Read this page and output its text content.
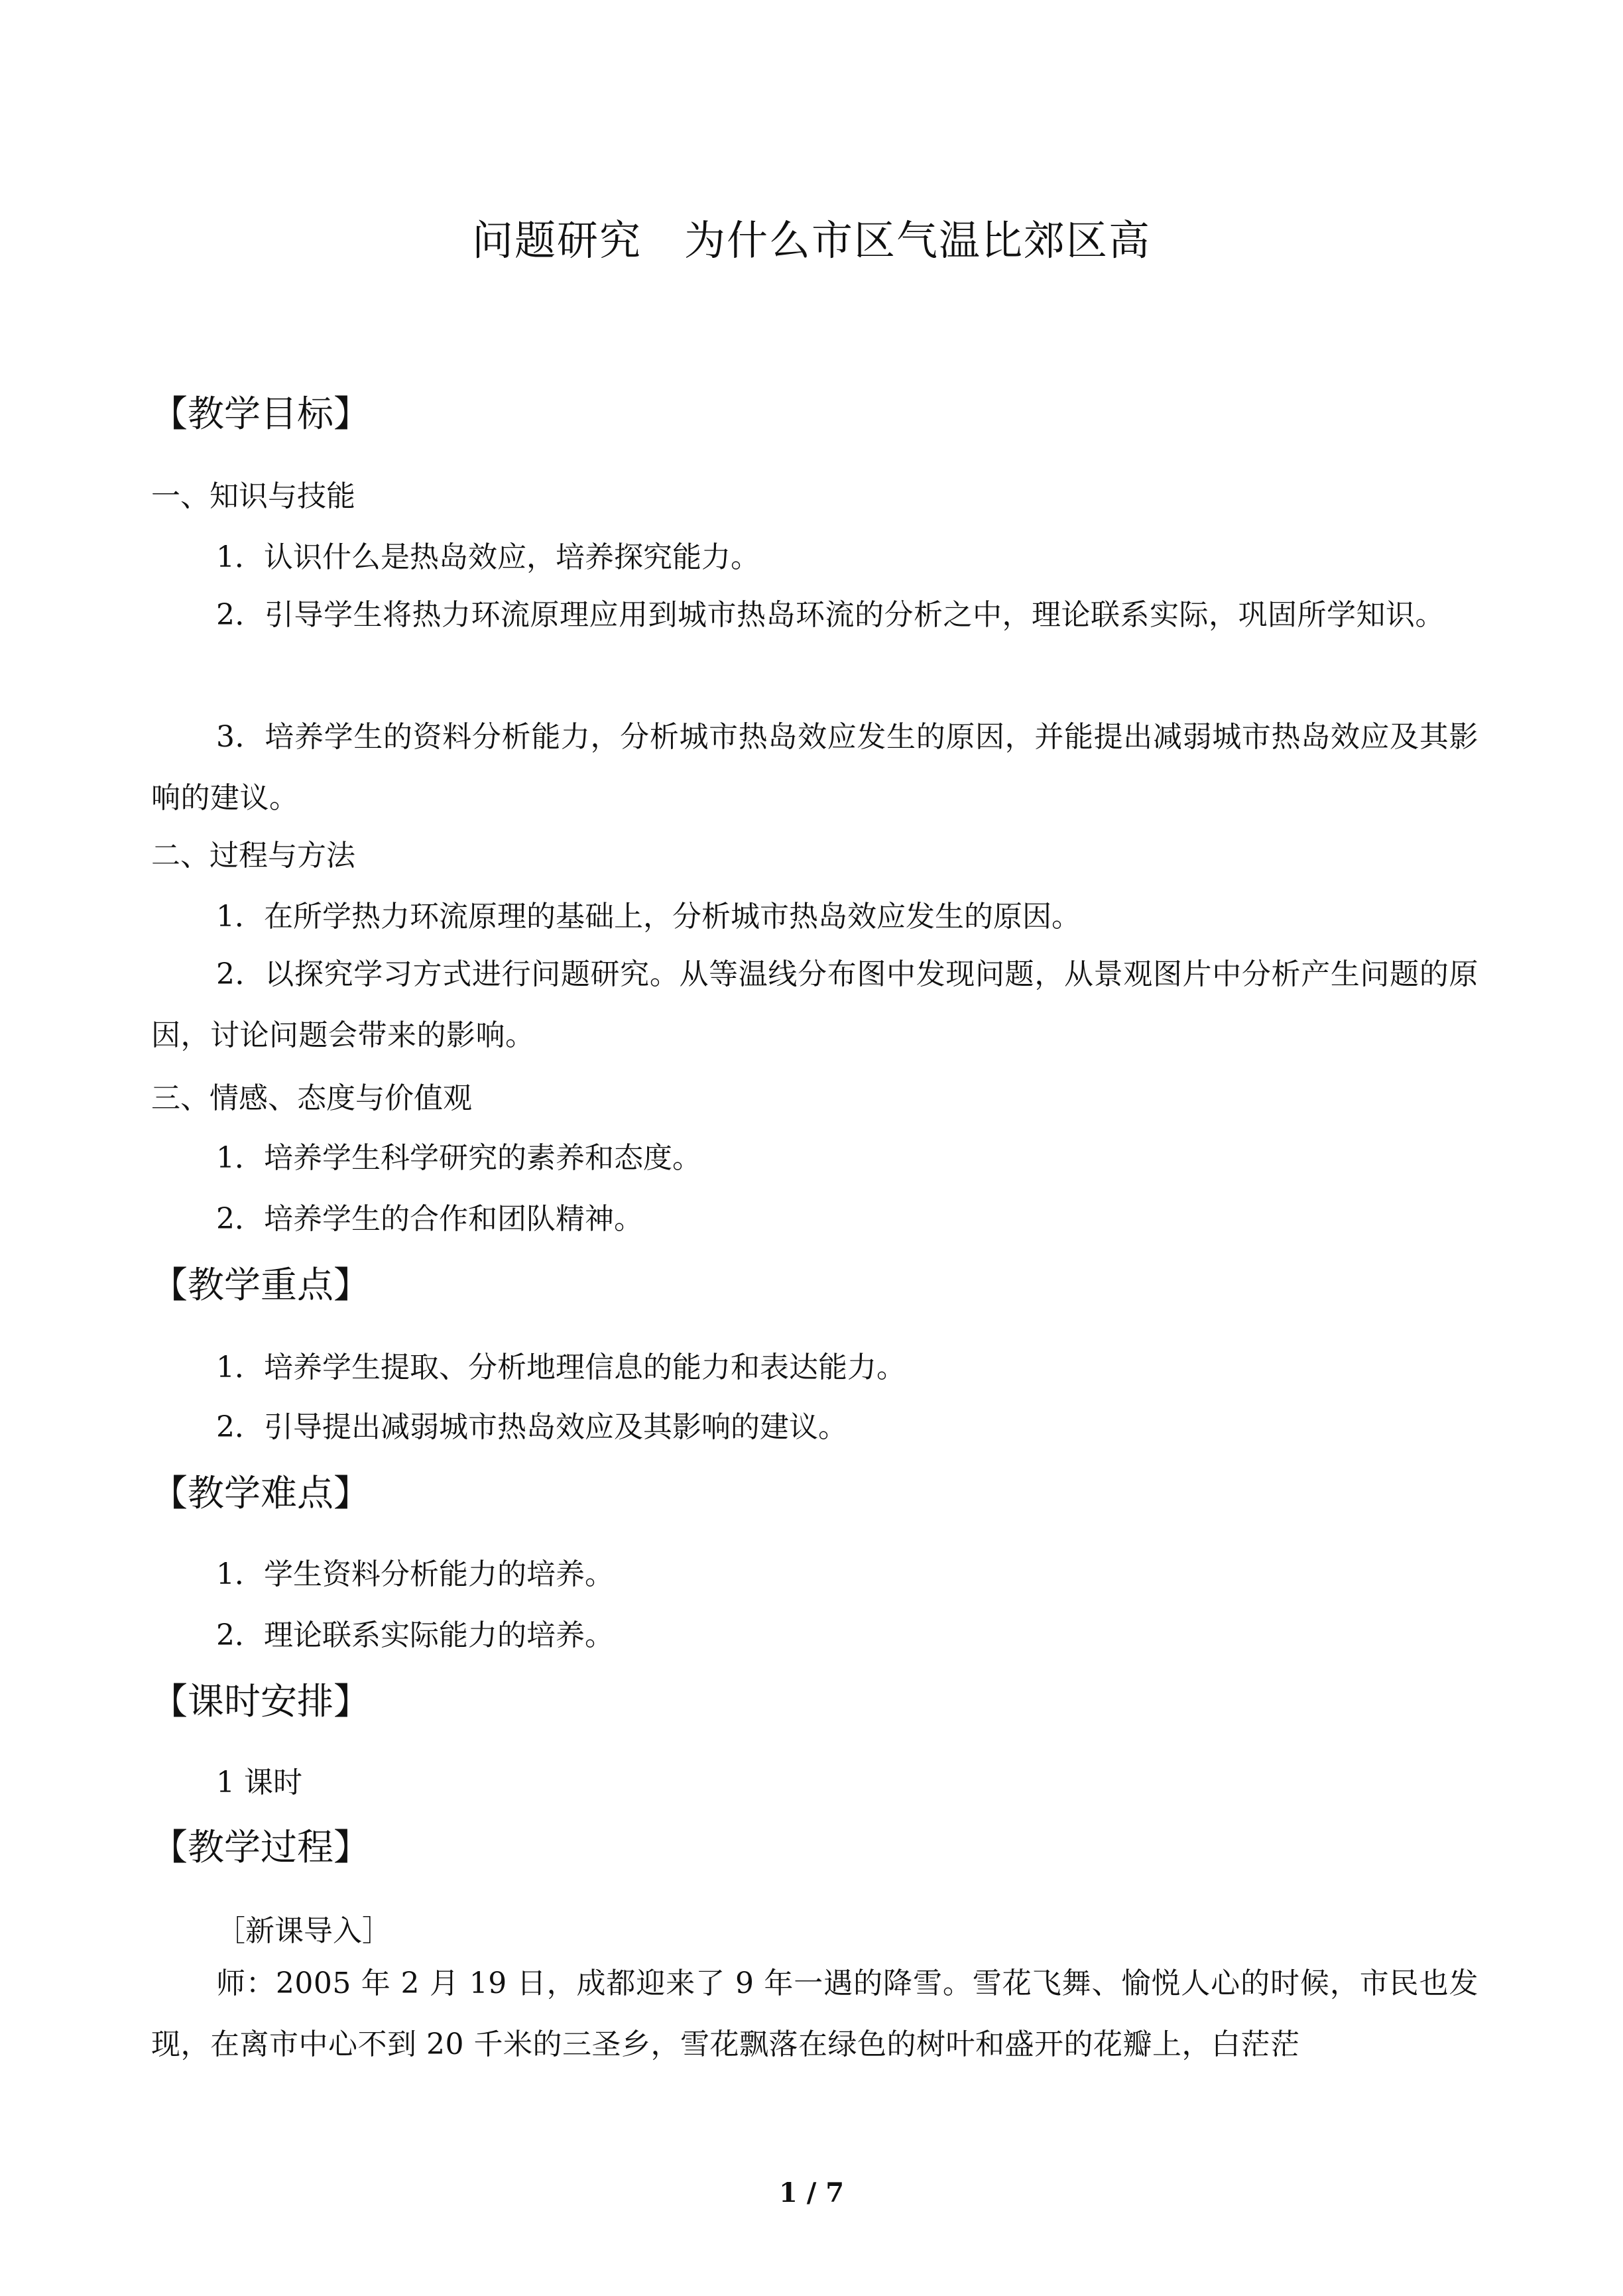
问题研究　为什么市区气温比郊区高
【教学目标】
一、知识与技能
1．认识什么是热岛效应，培养探究能力。
2．引导学生将热力环流原理应用到城市热岛环流的分析之中，理论联系实际，巩固所学知识。
3．培养学生的资料分析能力，分析城市热岛效应发生的原因，并能提出减弱城市热岛效应及其影响的建议。
二、过程与方法
1．在所学热力环流原理的基础上，分析城市热岛效应发生的原因。
2．以探究学习方式进行问题研究。从等温线分布图中发现问题，从景观图片中分析产生问题的原因，讨论问题会带来的影响。
三、情感、态度与价值观
1．培养学生科学研究的素养和态度。
2．培养学生的合作和团队精神。
【教学重点】
1．培养学生提取、分析地理信息的能力和表达能力。
2．引导提出减弱城市热岛效应及其影响的建议。
【教学难点】
1．学生资料分析能力的培养。
2．理论联系实际能力的培养。
【课时安排】
1 课时
【教学过程】
［新课导入］
师：2005 年 2 月 19 日，成都迎来了 9 年一遇的降雪。雪花飞舞、愉悦人心的时候，市民也发现，在离市中心不到 20 千米的三圣乡，雪花飘落在绿色的树叶和盛开的花瓣上，白茫茫
1 / 7
